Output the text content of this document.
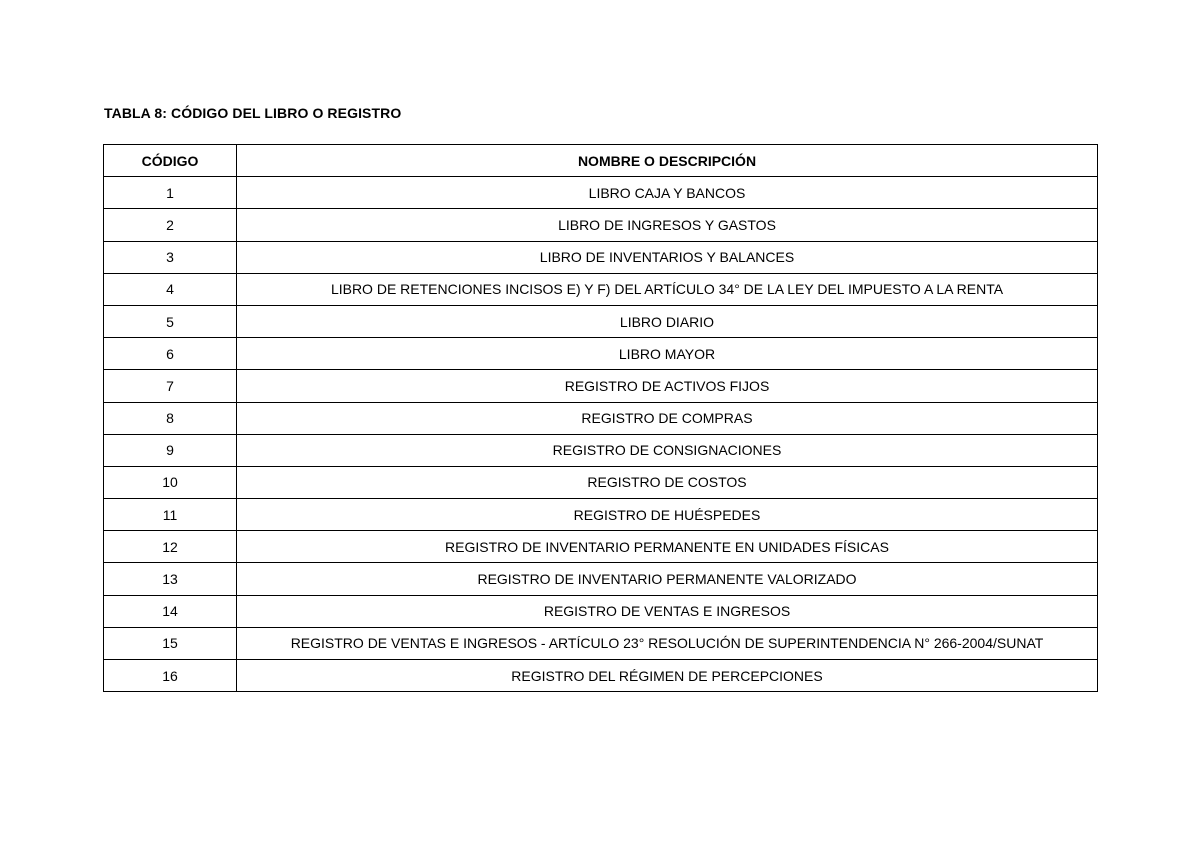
TABLA 8: CÓDIGO DEL LIBRO O REGISTRO
CÓDIGO	NOMBRE O DESCRIPCIÓN
1	LIBRO CAJA Y BANCOS
2	LIBRO DE INGRESOS Y GASTOS
3	LIBRO DE INVENTARIOS Y BALANCES
4	LIBRO DE RETENCIONES INCISOS E) Y F) DEL ARTÍCULO 34° DE LA LEY DEL IMPUESTO A LA RENTA
5	LIBRO DIARIO
6	LIBRO MAYOR
7	REGISTRO DE ACTIVOS FIJOS
8	REGISTRO DE COMPRAS
9	REGISTRO DE CONSIGNACIONES
10	REGISTRO DE COSTOS
11	REGISTRO DE HUÉSPEDES
12	REGISTRO DE INVENTARIO PERMANENTE EN UNIDADES FÍSICAS
13	REGISTRO DE INVENTARIO PERMANENTE VALORIZADO
14	REGISTRO DE VENTAS E INGRESOS
15	REGISTRO DE VENTAS E INGRESOS - ARTÍCULO 23° RESOLUCIÓN DE SUPERINTENDENCIA N° 266-2004/SUNAT
16	REGISTRO DEL RÉGIMEN DE PERCEPCIONES
